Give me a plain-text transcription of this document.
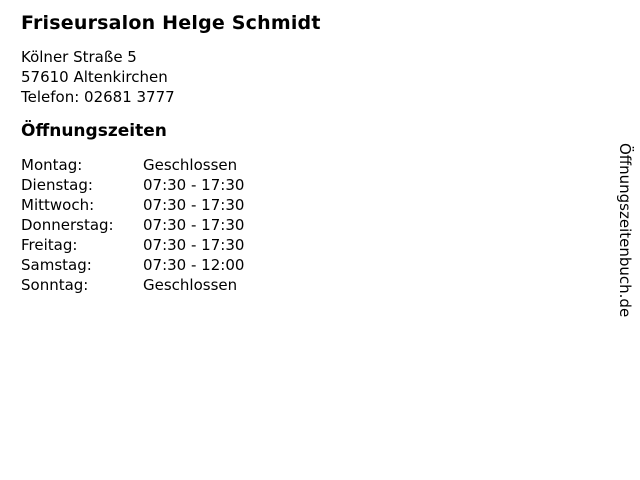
Friseursalon Helge Schmidt
Kölner Straße 5
57610 Altenkirchen
Telefon: 02681 3777
Öffnungszeiten
Montag:	Geschlossen
Dienstag:	07:30 - 17:30
Mittwoch:	07:30 - 17:30
Donnerstag:	07:30 - 17:30
Freitag:	07:30 - 17:30
Samstag:	07:30 - 12:00
Sonntag:	Geschlossen	Öffnungszeitenbuch.de
